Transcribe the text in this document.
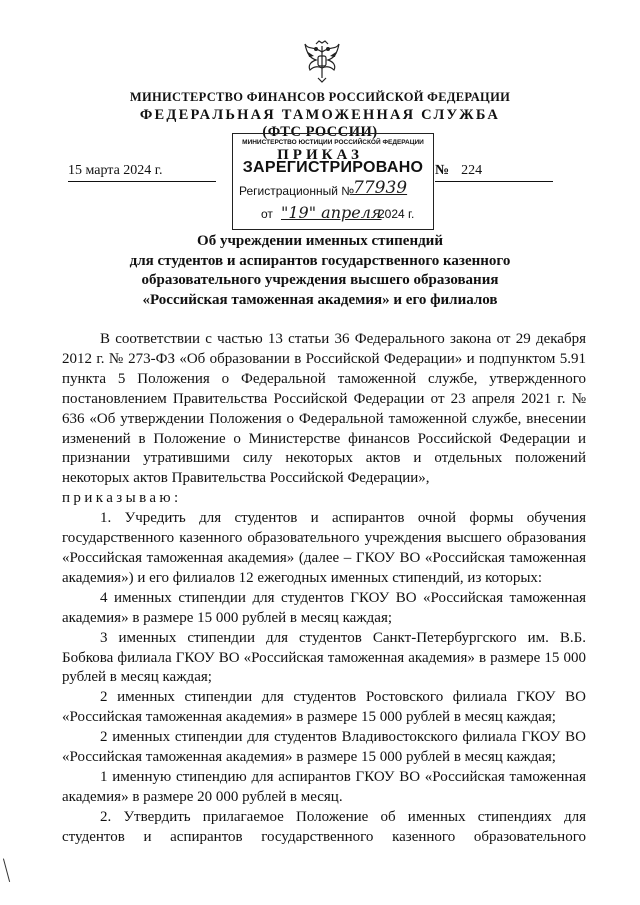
МИНИСТЕРСТВО ФИНАНСОВ РОССИЙСКОЙ ФЕДЕРАЦИИ
ФЕДЕРАЛЬНАЯ ТАМОЖЕННАЯ СЛУЖБА
(ФТС РОССИИ)
МИНИСТЕРСТВО ЮСТИЦИИ РОССИЙСКОЙ ФЕДЕРАЦИИ
ЗАРЕГИСТРИРОВАНО
Регистрационный №
77939
от "19" апреля
2024 г.
ПРИКАЗ
15 марта 2024 г.	№ 224
Об учреждении именных стипендий
для студентов и аспирантов государственного казенного
образовательного учреждения высшего образования
«Российская таможенная академия» и его филиалов

В соответствии с частью 13 статьи 36 Федерального закона от 29 декабря 2012 г. № 273-ФЗ «Об образовании в Российской Федерации» и подпунктом 5.91 пункта 5 Положения о Федеральной таможенной службе, утвержденного постановлением Правительства Российской Федерации от 23 апреля 2021 г. № 636 «Об утверждении Положения о Федеральной таможенной службе, внесении изменений в Положение о Министерстве финансов Российской Федерации и признании утратившими силу некоторых актов и отдельных положений некоторых актов Правительства Российской Федерации»,

приказываю:

1. Учредить для студентов и аспирантов очной формы обучения государственного казенного образовательного учреждения высшего образования «Российская таможенная академия» (далее – ГКОУ ВО «Российская таможенная академия») и его филиалов 12 ежегодных именных стипендий, из которых:

4 именных стипендии для студентов ГКОУ ВО «Российская таможенная академия» в размере 15 000 рублей в месяц каждая;

3 именных стипендии для студентов Санкт-Петербургского им. В.Б. Бобкова филиала ГКОУ ВО «Российская таможенная академия» в размере 15 000 рублей в месяц каждая;

2 именных стипендии для студентов Ростовского филиала ГКОУ ВО «Российская таможенная академия» в размере 15 000 рублей в месяц каждая;

2 именных стипендии для студентов Владивостокского филиала ГКОУ ВО «Российская таможенная академия» в размере 15 000 рублей в месяц каждая;

1 именную стипендию для аспирантов ГКОУ ВО «Российская таможенная академия» в размере 20 000 рублей в месяц.

2. Утвердить прилагаемое Положение об именных стипендиях для студентов и аспирантов государственного казенного образовательного
